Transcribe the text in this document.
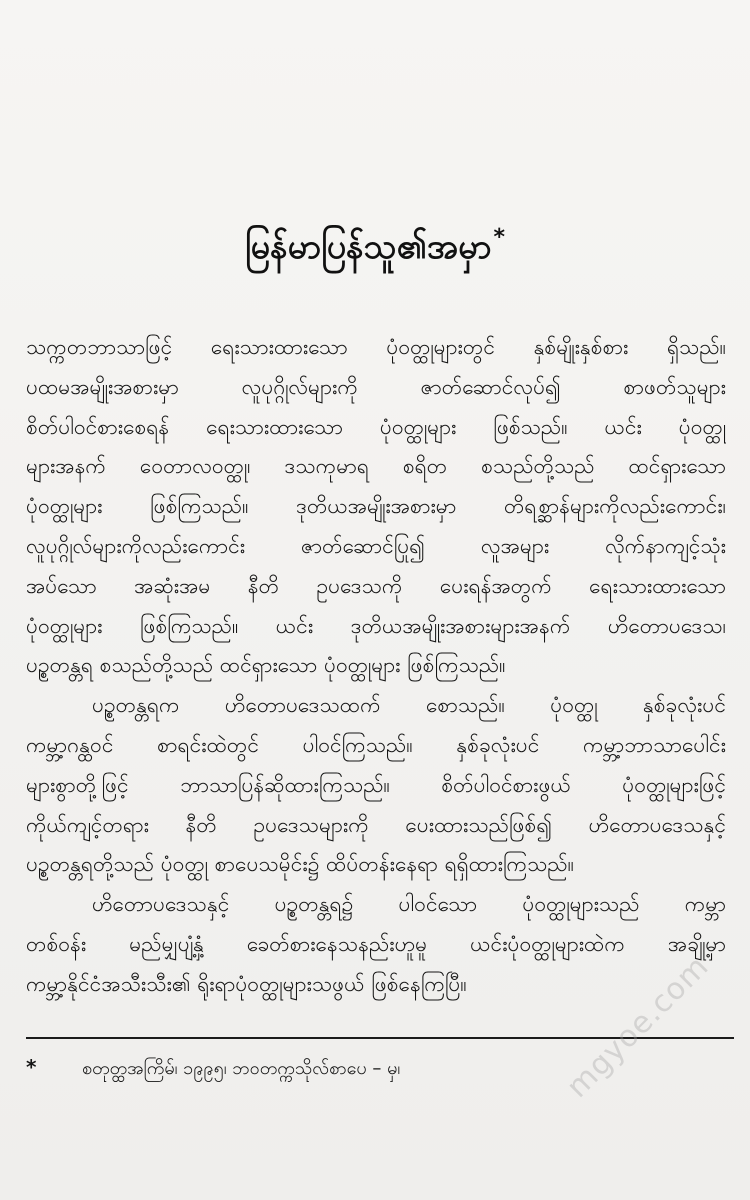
မြန်မာပြန်သူ၏အမှာ*
သက္ကတဘာသာဖြင့် ရေးသားထားသော ပုံဝတ္ထုများတွင် နှစ်မျိုးနှစ်စား ရှိသည်။
ပထမအမျိုးအစားမှာ လူပုဂ္ဂိုလ်များကို ဇာတ်ဆောင်လုပ်၍ စာဖတ်သူများ
စိတ်ပါဝင်စားစေရန် ရေးသားထားသော ပုံဝတ္ထုများ ဖြစ်သည်။ ယင်း ပုံဝတ္ထု
များအနက် ဝေတာလဝတ္ထု၊ ဒသကုမာရ စရိတ စသည်တို့သည် ထင်ရှားသော
ပုံဝတ္ထုများ ဖြစ်ကြသည်။ ဒုတိယအမျိုးအစားမှာ တိရစ္ဆာန်များကိုလည်းကောင်း၊
လူပုဂ္ဂိုလ်များကိုလည်းကောင်း ဇာတ်ဆောင်ပြု၍ လူအများ လိုက်နာကျင့်သုံး
အပ်သော အဆုံးအမ နီတိ ဥပဒေသကို ပေးရန်အတွက် ရေးသားထားသော
ပုံဝတ္ထုများ ဖြစ်ကြသည်။ ယင်း ဒုတိယအမျိုးအစားများအနက် ဟိတောပဒေသ၊
ပဉ္စတန္တရ စသည်တို့သည် ထင်ရှားသော ပုံဝတ္ထုများ ဖြစ်ကြသည်။
ပဉ္စတန္တရက ဟိတောပဒေသထက် စောသည်။ ပုံဝတ္ထု နှစ်ခုလုံးပင်
ကမ္ဘာ့ဂန္ထဝင် စာရင်းထဲတွင် ပါဝင်ကြသည်။ နှစ်ခုလုံးပင် ကမ္ဘာ့ဘာသာပေါင်း
များစွာတို့ဖြင့် ဘာသာပြန်ဆိုထားကြသည်။ စိတ်ပါဝင်စားဖွယ် ပုံဝတ္ထုများဖြင့်
ကိုယ်ကျင့်တရား နီတိ ဥပဒေသများကို ပေးထားသည်ဖြစ်၍ ဟိတောပဒေသနှင့်
ပဉ္စတန္တရတို့သည် ပုံဝတ္ထု စာပေသမိုင်း၌ ထိပ်တန်းနေရာ ရရှိထားကြသည်။
ဟိတောပဒေသနှင့် ပဉ္စတန္တရ၌ ပါဝင်သော ပုံဝတ္ထုများသည် ကမ္ဘာ
တစ်ဝန်း မည်မျှပျံ့နှံ့ ခေတ်စားနေသနည်းဟူမူ ယင်းပုံဝတ္ထုများထဲက အချို့မှာ
ကမ္ဘာ့နိုင်ငံအသီးသီး၏ ရိုးရာပုံဝတ္ထုများသဖွယ် ဖြစ်နေကြပြီ။
*	စတုတ္ထအကြိမ်၊ ၁၉၉၅၊ ဘဝတက္ကသိုလ်စာပေ – မှ၊	mgyoe.com
